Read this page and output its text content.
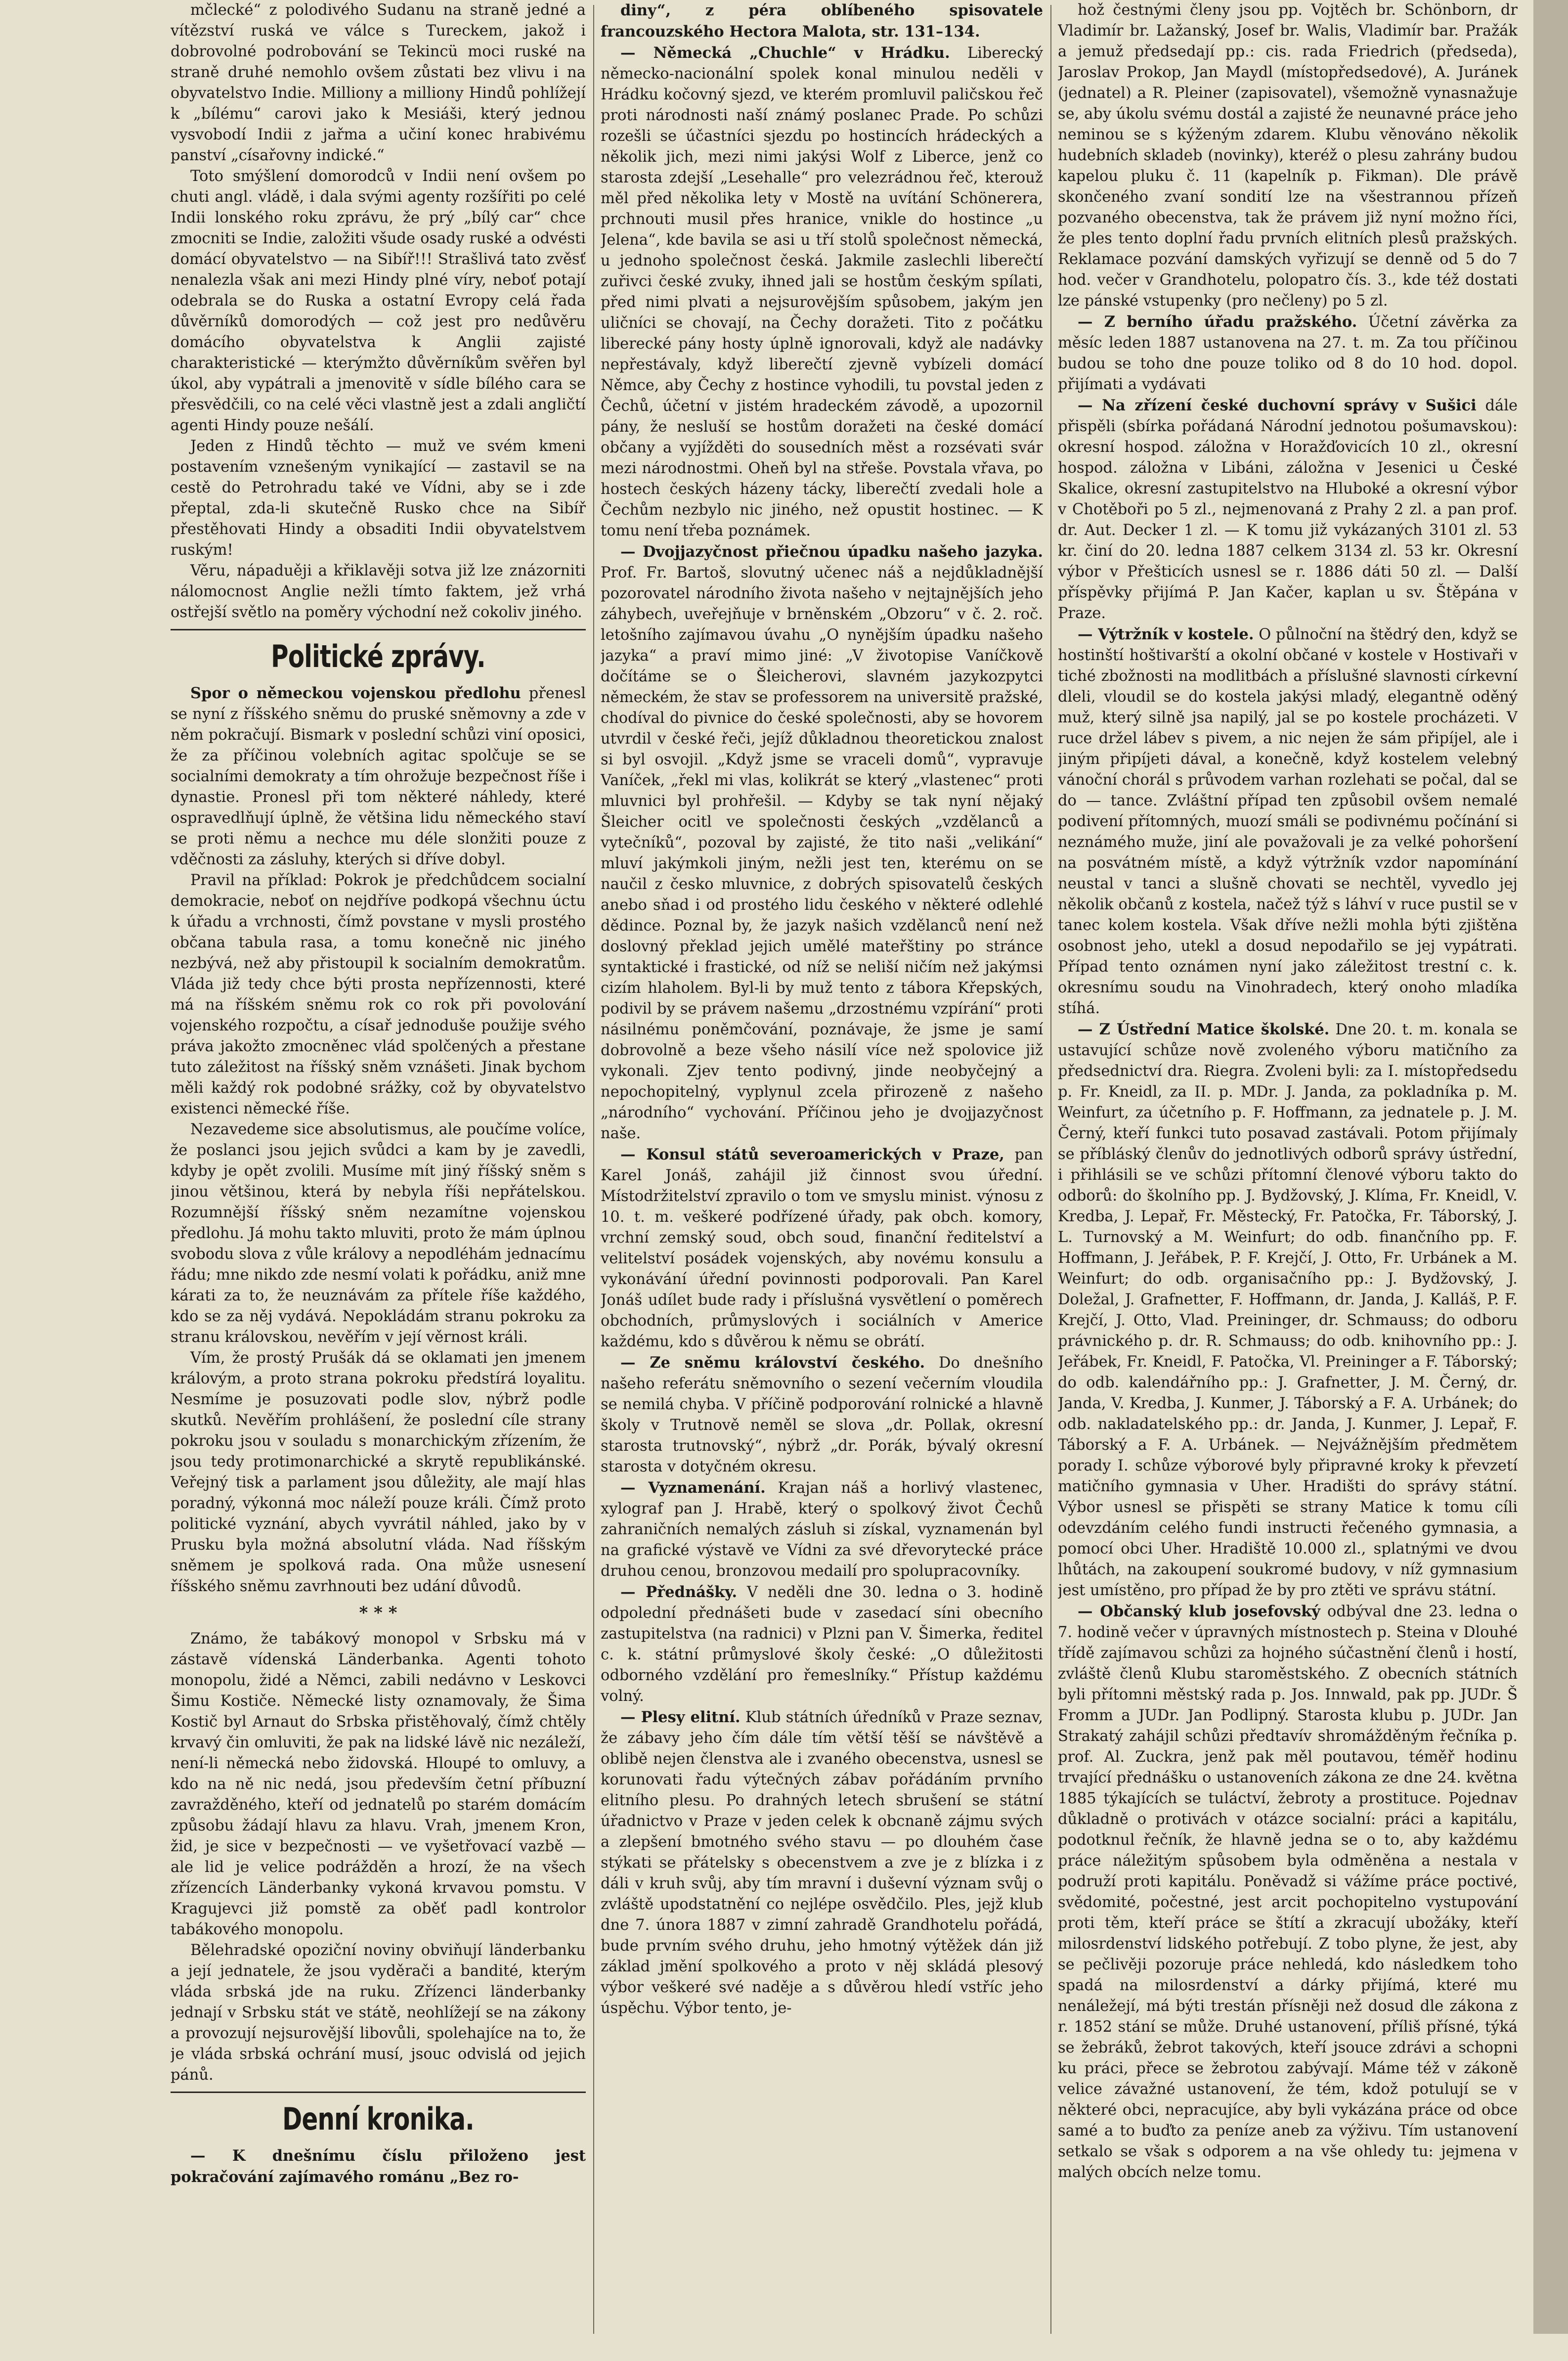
mčlecké“ z polodivého Sudanu na straně jedné a vítězství ruská ve válce s Tureckem, jakož i dobrovolné podrobování se Tekincü moci ruské na straně druhé nemohlo ovšem zůstati bez vlivu i na obyvatelstvo Indie. Milliony a milliony Hindů pohlížejí k „bílému“ carovi jako k Mesiáši, který jednou vysvobodí Indii z jařma a učiní konec hrabivému panství „císařovny indické.“

Toto smýšlení domorodců v Indii není ovšem po chuti angl. vládě, i dala svými agenty rozšířiti po celé Indii lonského roku zprávu, že prý „bílý car“ chce zmocniti se Indie, založiti všude osady ruské a odvésti domácí obyvatelstvo — na Sibíř!!! Strašlivá tato zvěsť nenalezla však ani mezi Hindy plné víry, neboť potají odebrala se do Ruska a ostatní Evropy celá řada důvěrníků domorodých — což jest pro nedůvěru domácího obyvatelstva k Anglii zajisté charakteristické — kterýmžto důvěrníkům svěřen byl úkol, aby vypátrali a jmenovitě v sídle bílého cara se přesvědčili, co na celé věci vlastně jest a zdali angličtí agenti Hindy pouze nešálí.

Jeden z Hindů těchto — muž ve svém kmeni postavením vznešeným vynikající — zastavil se na cestě do Petrohradu také ve Vídni, aby se i zde přeptal, zda-li skutečně Rusko chce na Sibíř přestěhovati Hindy a obsaditi Indii obyvatelstvem ruským!

Věru, nápaduěji a křiklavěji sotva již lze znázorniti nálomocnost Anglie nežli tímto faktem, jež vrhá ostřejší světlo na poměry východní než cokoliv jiného.

Politické zprávy.

Spor o německou vojenskou předlohu přenesl se nyní z říšského sněmu do pruské sněmovny a zde v něm pokračují. Bismark v poslední schůzi viní oposici, že za příčinou volebních agitac spolčuje se se socialními demokraty a tím ohrožuje bezpečnost říše i dynastie. Pronesl při tom některé náhledy, které ospravedlňují úplně, že většina lidu německého staví se proti němu a nechce mu déle slonžiti pouze z vděčnosti za zásluhy, kterých si dříve dobyl.

Pravil na příklad: Pokrok je předchůdcem socialní demokracie, neboť on nejdříve podkopá všechnu úctu k úřadu a vrchnosti, čímž povstane v mysli prostého občana tabula rasa, a tomu konečně nic jiného nezbývá, než aby přistoupil k socialním demokratům. Vláda již tedy chce býti prosta nepřízennosti, které má na říšském sněmu rok co rok při povolování vojenského rozpočtu, a císař jednoduše použije svého práva jakožto zmocněnec vlád spolčených a přestane tuto záležitost na říšský sněm vznášeti. Jinak bychom měli každý rok podobné srážky, což by obyvatelstvo existenci německé říše.

Nezavedeme sice absolutismus, ale poučíme volíce, že poslanci jsou jejich svůdci a kam by je zavedli, kdyby je opět zvolili. Musíme mít jiný říšský sněm s jinou většinou, která by nebyla říši nepřátelskou. Rozumnější říšský sněm nezamítne vojenskou předlohu. Já mohu takto mluviti, proto že mám úplnou svobodu slova z vůle královy a nepodléhám jednacímu řádu; mne nikdo zde nesmí volati k pořádku, aniž mne kárati za to, že neuznávám za přítele říše každého, kdo se za něj vydává. Nepokládám stranu pokroku za stranu královskou, nevěřím v její věrnost králi.

Vím, že prostý Prušák dá se oklamati jen jmenem královým, a proto strana pokroku předstírá loyalitu. Nesmíme je posuzovati podle slov, nýbrž podle skutků. Nevěřím prohlášení, že poslední cíle strany pokroku jsou v souladu s monarchickým zřízením, že jsou tedy protimonarchické a skrytě republikánské. Veřejný tisk a parlament jsou důležity, ale mají hlas poradný, výkonná moc náleží pouze králi. Čímž proto politické vyznání, abych vyvrátil náhled, jako by v Prusku byla možná absolutní vláda. Nad říšským sněmem je spolková rada. Ona může usnesení říšského sněmu zavrhnouti bez udání důvodů.

* * *

Známo, že tabákový monopol v Srbsku má v zástavě vídenská Länderbanka. Agenti tohoto monopolu, židé a Němci, zabili nedávno v Leskovci Šimu Kostiče. Německé listy oznamovaly, že Šima Kostič byl Arnaut do Srbska přistěhovalý, čímž chtěly krvavý čin omluviti, že pak na lidské lávě nic nezáleží, není-li německá nebo židovská. Hloupé to omluvy, a kdo na ně nic nedá, jsou především četní příbuzní zavražděného, kteří od jednatelů po starém domácím způsobu žádají hlavu za hlavu. Vrah, jmenem Kron, žid, je sice v bezpečnosti — ve vyšetřovací vazbě — ale lid je velice podrážděn a hrozí, že na všech zřízencích Länderbanky vykoná krvavou pomstu. V Kragujevci již pomstě za oběť padl kontrolor tabákového monopolu.

Bělehradské opoziční noviny obviňují länderbanku a její jednatele, že jsou vyděrači a bandité, kterým vláda srbská jde na ruku. Zřízenci länderbanky jednají v Srbsku stát ve státě, neohlížejí se na zákony a provozují nejsurovější libovůli, spolehajíce na to, že je vláda srbská ochrání musí, jsouc odvislá od jejich pánů.

Denní kronika.

— K dnešnímu číslu přiloženo jest pokračování zajímavého románu „Bez ro-

diny“, z péra oblíbeného spisovatele francouzského Hectora Malota, str. 131–134.

— Německá „Chuchle“ v Hrádku. Liberecký německo-nacionální spolek konal minulou neděli v Hrádku kočovný sjezd, ve kterém promluvil paličskou řeč proti národnosti naší známý poslanec Prade. Po schůzi rozešli se účastníci sjezdu po hostincích hrádeckých a několik jich, mezi nimi jakýsi Wolf z Liberce, jenž co starosta zdejší „Lesehalle“ pro velezrádnou řeč, kterouž měl před několika lety v Mostě na uvítání Schönerera, prchnouti musil přes hranice, vnikle do hostince „u Jelena“, kde bavila se asi u tří stolů společnost německá, u jednoho společnost česká. Jakmile zaslechli liberečtí zuřivci české zvuky, ihned jali se hostům českým spílati, před nimi plvati a nejsurovějším spůsobem, jakým jen uličníci se chovají, na Čechy doražeti. Tito z počátku liberecké pány hosty úplně ignorovali, když ale nadávky nepřestávaly, když liberečtí zjevně vybízeli domácí Němce, aby Čechy z hostince vyhodili, tu povstal jeden z Čechů, účetní v jistém hradeckém závodě, a upozornil pány, že nesluší se hostům doražeti na české domácí občany a vyjížděti do sousedních měst a rozsévati svár mezi národnostmi. Oheň byl na střeše. Povstala vřava, po hostech českých házeny tácky, liberečtí zvedali hole a Čechům nezbylo nic jiného, než opustit hostinec. — K tomu není třeba poznámek.

— Dvojjazyčnost přiečnou úpadku našeho jazyka. Prof. Fr. Bartoš, slovutný učenec náš a nejdůkladnější pozorovatel národního života našeho v nejtajnějších jeho záhybech, uveřejňuje v brněnském „Obzoru“ v č. 2. roč. letošního zajímavou úvahu „O nynějším úpadku našeho jazyka“ a praví mimo jiné: „V životopise Vaníčkově dočítáme se o Šleicherovi, slavném jazykozpytci německém, že stav se professorem na universitě pražské, chodíval do pivnice do české společnosti, aby se hovorem utvrdil v české řeči, jejíž důkladnou theoretickou znalost si byl osvojil. „Když jsme se vraceli domů“, vypravuje Vaníček, „řekl mi vlas, kolikrát se který „vlastenec“ proti mluvnici byl prohřešil. — Kdyby se tak nyní nějaký Šleicher ocitl ve společnosti českých „vzdělanců a vytečníků“, pozoval by zajisté, že tito naši „velikání“ mluví jakýmkoli jiným, nežli jest ten, kterému on se naučil z česko mluvnice, z dobrých spisovatelů českých anebo sňad i od prostého lidu českého v některé odlehlé dědince. Poznal by, že jazyk našich vzdělanců není než doslovný překlad jejich umělé mateřštiny po stránce syntaktické i frastické, od níž se neliší ničím než jakýmsi cizím hlaholem. Byl-li by muž tento z tábora Křepských, podivil by se právem našemu „drzostnému vzpírání“ proti násilnému poněmčování, poznávaje, že jsme je samí dobrovolně a beze všeho násilí více než spolovice již vykonali. Zjev tento podivný, jinde neobyčejný a nepochopitelný, vyplynul zcela přirozeně z našeho „národního“ vychování. Příčinou jeho je dvojjazyčnost naše.

— Konsul států severoamerických v Praze, pan Karel Jonáš, zahájil již činnost svou úřední. Místodržitelství zpravilo o tom ve smyslu minist. výnosu z 10. t. m. veškeré podřízené úřady, pak obch. komory, vrchní zemský soud, obch soud, finanční ředitelství a velitelství posádek vojenských, aby novému konsulu a vykonávání úřední povinnosti podporovali. Pan Karel Jonáš udílet bude rady i příslušná vysvětlení o poměrech obchodních, průmyslových i sociálních v Americe každému, kdo s důvěrou k němu se obrátí.

— Ze sněmu království českého. Do dnešního našeho referátu sněmovního o sezení večerním vloudila se nemilá chyba. V příčině podporování rolnické a hlavně školy v Trutnově neměl se slova „dr. Pollak, okresní starosta trutnovský“, nýbrž „dr. Porák, bývalý okresní starosta v dotyčném okresu.

— Vyznamenání. Krajan náš a horlivý vlastenec, xylograf pan J. Hrabě, který o spolkový život Čechů zahraničních nemalých zásluh si získal, vyznamenán byl na grafické výstavě ve Vídni za své dřevorytecké práce druhou cenou, bronzovou medailí pro spolupracovníky.

— Přednášky. V neděli dne 30. ledna o 3. hodině odpolední přednášeti bude v zasedací síni obecního zastupitelstva (na radnici) v Plzni pan V. Šimerka, ředitel c. k. státní průmyslové školy české: „O důležitosti odborného vzdělání pro řemeslníky.“ Přístup každému volný.

— Plesy elitní. Klub státních úředníků v Praze seznav, že zábavy jeho čím dále tím větší těší se návštěvě a oblibě nejen členstva ale i zvaného obecenstva, usnesl se korunovati řadu výtečných zábav pořádáním prvního elitního plesu. Po drahných letech sbrušení se státní úřadnictvo v Praze v jeden celek k obcnaně zájmu svých a zlepšení bmotného svého stavu — po dlouhém čase stýkati se přátelsky s obecenstvem a zve je z blízka i z dáli v kruh svůj, aby tím mravní i duševní význam svůj o zvláště upodstatnění co nejlépe osvědčilo. Ples, jejž klub dne 7. února 1887 v zimní zahradě Grandhotelu pořádá, bude prvním svého druhu, jeho hmotný výtěžek dán již základ jmění spolkového a proto v něj skládá plesový výbor veškeré své naděje a s důvěrou hledí vstříc jeho úspěchu. Výbor tento, je-

hož čestnými členy jsou pp. Vojtěch br. Schönborn, dr Vladimír br. Lažanský, Josef br. Walis, Vladimír bar. Pražák a jemuž předsedají pp.: cis. rada Friedrich (předseda), Jaroslav Prokop, Jan Maydl (místopředsedové), A. Juránek (jednatel) a R. Pleiner (zapisovatel), všemožně vynasnažuje se, aby úkolu svému dostál a zajisté že neunavné práce jeho neminou se s kýženým zdarem. Klubu věnováno několik hudebních skladeb (novinky), kteréž o plesu zahrány budou kapelou pluku č. 11 (kapelník p. Fikman). Dle právě skončeného zvaní sondití lze na všestrannou přízeň pozvaného obecenstva, tak že právem již nyní možno říci, že ples tento doplní řadu prvních elitních plesů pražských. Reklamace pozvání damských vyřizují se denně od 5 do 7 hod. večer v Grandhotelu, polopatro čís. 3., kde též dostati lze pánské vstupenky (pro nečleny) po 5 zl.

— Z berního úřadu pražského. Účetní závěrka za měsíc leden 1887 ustanovena na 27. t. m. Za tou příčinou budou se toho dne pouze toliko od 8 do 10 hod. dopol. přijímati a vydávati

— Na zřízení české duchovní správy v Sušici dále přispěli (sbírka pořádaná Národní jednotou pošumavskou): okresní hospod. záložna v Horažďovicích 10 zl., okresní hospod. záložna v Libáni, záložna v Jesenici u České Skalice, okresní zastupitelstvo na Hluboké a okresní výbor v Chotěboři po 5 zl., nejmenovaná z Prahy 2 zl. a pan prof. dr. Aut. Decker 1 zl. — K tomu již vykázaných 3101 zl. 53 kr. činí do 20. ledna 1887 celkem 3134 zl. 53 kr. Okresní výbor v Přešticích usnesl se r. 1886 dáti 50 zl. — Další příspěvky přijímá P. Jan Kačer, kaplan u sv. Štěpána v Praze.

— Výtržník v kostele. O půlnoční na štědrý den, když se hostinští hoštivarští a okolní občané v kostele v Hostivaři v tiché zbožnosti na modlitbách a příslušné slavnosti církevní dleli, vloudil se do kostela jakýsi mladý, elegantně oděný muž, který silně jsa napilý, jal se po kostele procházeti. V ruce držel lábev s pivem, a nic nejen že sám připíjel, ale i jiným připíjeti dával, a konečně, když kostelem velebný vánoční chorál s průvodem varhan rozlehati se počal, dal se do — tance. Zvláštní případ ten způsobil ovšem nemalé podivení přítomných, muozí smáli se podivnému počínání si neznámého muže, jiní ale považovali je za velké pohoršení na posvátném místě, a když výtržník vzdor napomínání neustal v tanci a slušně chovati se nechtěl, vyvedlo jej několik občanů z kostela, načež týž s láhví v ruce pustil se v tanec kolem kostela. Však dříve nežli mohla býti zjištěna osobnost jeho, utekl a dosud nepodařilo se jej vypátrati. Případ tento oznámen nyní jako záležitost trestní c. k. okresnímu soudu na Vinohradech, který onoho mladíka stíhá.

— Z Ústřední Matice školské. Dne 20. t. m. konala se ustavující schůze nově zvoleného výboru matičního za předsednictví dra. Riegra. Zvoleni byli: za I. místopředsedu p. Fr. Kneidl, za II. p. MDr. J. Janda, za pokladníka p. M. Weinfurt, za účetního p. F. Hoffmann, za jednatele p. J. M. Černý, kteří funkci tuto posavad zastávali. Potom přijímaly se příbláský členův do jednotlivých odborů správy ústřední, i přihlásili se ve schůzi přítomní členové výboru takto do odborů: do školního pp. J. Bydžovský, J. Klíma, Fr. Kneidl, V. Kredba, J. Lepař, Fr. Městecký, Fr. Patočka, Fr. Táborský, J. L. Turnovský a M. Weinfurt; do odb. finančního pp. F. Hoffmann, J. Jeřábek, P. F. Krejčí, J. Otto, Fr. Urbánek a M. Weinfurt; do odb. organisačního pp.: J. Bydžovský, J. Doležal, J. Grafnetter, F. Hoffmann, dr. Janda, J. Kalláš, P. F. Krejčí, J. Otto, Vlad. Preininger, dr. Schmauss; do odboru právnického p. dr. R. Schmauss; do odb. knihovního pp.: J. Jeřábek, Fr. Kneidl, F. Patočka, Vl. Preininger a F. Táborský; do odb. kalendářního pp.: J. Grafnetter, J. M. Černý, dr. Janda, V. Kredba, J. Kunmer, J. Táborský a F. A. Urbánek; do odb. nakladatelského pp.: dr. Janda, J. Kunmer, J. Lepař, F. Táborský a F. A. Urbánek. — Nejvážnějším předmětem porady I. schůze výborové byly připravné kroky k převzetí matičního gymnasia v Uher. Hradišti do správy státní. Výbor usnesl se přispěti se strany Matice k tomu cíli odevzdáním celého fundi instructi řečeného gymnasia, a pomocí obci Uher. Hradiště 10.000 zl., splatnými ve dvou lhůtách, na zakoupení soukromé budovy, v níž gymnasium jest umístěno, pro případ že by pro ztěti ve správu státní.

— Občanský klub josefovský odbýval dne 23. ledna o 7. hodině večer v úpravných místnostech p. Steina v Dlouhé třídě zajímavou schůzi za hojného súčastnění členů i hostí, zvláště členů Klubu staroměstského. Z obecních státních byli přítomni městský rada p. Jos. Innwald, pak pp. JUDr. Š Fromm a JUDr. Jan Podlipný. Starosta klubu p. JUDr. Jan Strakatý zahájil schůzi předtavív shromážděným řečníka p. prof. Al. Zuckra, jenž pak měl poutavou, téměř hodinu trvající přednášku o ustanoveních zákona ze dne 24. května 1885 týkajících se tuláctví, žebroty a prostituce. Pojednav důkladně o protivách v otázce socialní: práci a kapitálu, podotknul řečník, že hlavně jedna se o to, aby každému práce náležitým spůsobem byla odměněna a nestala v podruží proti kapitálu. Poněvadž si vážíme práce poctivé, svědomité, počestné, jest arcit pochopitelno vystupování proti těm, kteří práce se štítí a zkracují ubožáky, kteří milosrdenství lidského potřebují. Z tobo plyne, že jest, aby se pečlivěji pozoruje práce nehledá, kdo následkem toho spadá na milosrdenství a dárky přijímá, které mu nenáležejí, má býti trestán přísněji než dosud dle zákona z r. 1852 stání se může. Druhé ustanovení, příliš přísné, týká se žebráků, žebrot takových, kteří jsouce zdrávi a schopni ku práci, přece se žebrotou zabývají. Máme též v zákoně velice závažné ustanovení, že tém, kdož potulují se v některé obci, nepracujíce, aby byli vykázána práce od obce samé a to buďto za peníze aneb za výživu. Tím ustanovení setkalo se však s odporem a na vše ohledy tu: jejmena v malých obcích nelze tomu.
